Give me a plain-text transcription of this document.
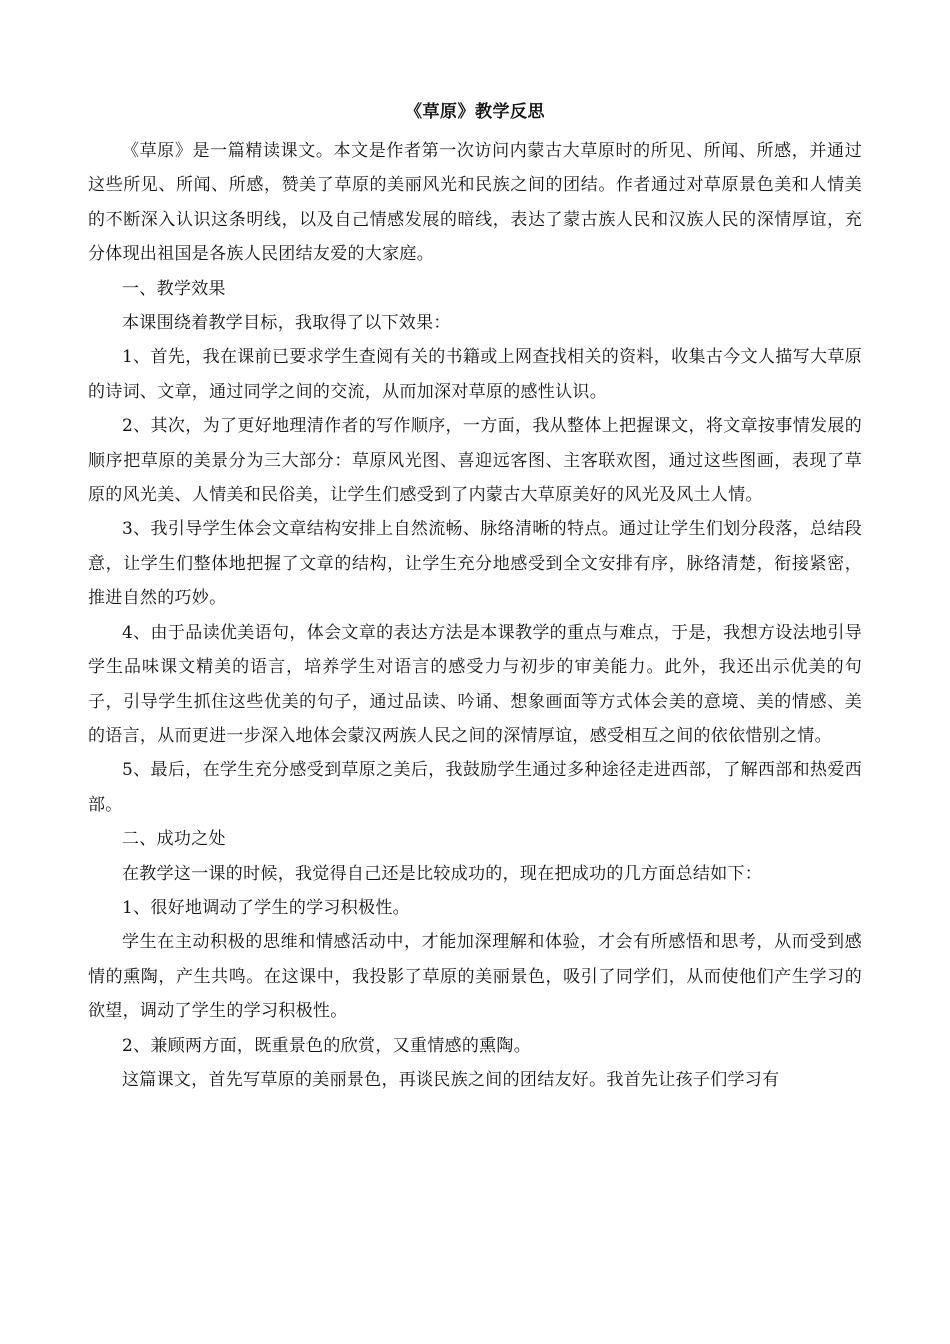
《草原》教学反思

《草原》是一篇精读课文。本文是作者第一次访问内蒙古大草原时的所见、所闻、所感，并通过这些所见、所闻、所感，赞美了草原的美丽风光和民族之间的团结。作者通过对草原景色美和人情美的不断深入认识这条明线，以及自己情感发展的暗线，表达了蒙古族人民和汉族人民的深情厚谊，充分体现出祖国是各族人民团结友爱的大家庭。

一、教学效果

本课围绕着教学目标，我取得了以下效果：

1、首先，我在课前已要求学生查阅有关的书籍或上网查找相关的资料，收集古今文人描写大草原的诗词、文章，通过同学之间的交流，从而加深对草原的感性认识。

2、其次，为了更好地理清作者的写作顺序，一方面，我从整体上把握课文，将文章按事情发展的顺序把草原的美景分为三大部分：草原风光图、喜迎远客图、主客联欢图，通过这些图画，表现了草原的风光美、人情美和民俗美，让学生们感受到了内蒙古大草原美好的风光及风土人情。

3、我引导学生体会文章结构安排上自然流畅、脉络清晰的特点。通过让学生们划分段落，总结段意，让学生们整体地把握了文章的结构，让学生充分地感受到全文安排有序，脉络清楚，衔接紧密，推进自然的巧妙。

4、由于品读优美语句，体会文章的表达方法是本课教学的重点与难点，于是，我想方设法地引导学生品味课文精美的语言，培养学生对语言的感受力与初步的审美能力。此外，我还出示优美的句子，引导学生抓住这些优美的句子，通过品读、吟诵、想象画面等方式体会美的意境、美的情感、美的语言，从而更进一步深入地体会蒙汉两族人民之间的深情厚谊，感受相互之间的依依惜别之情。

5、最后，在学生充分感受到草原之美后，我鼓励学生通过多种途径走进西部，了解西部和热爱西部。

二、成功之处

在教学这一课的时候，我觉得自己还是比较成功的，现在把成功的几方面总结如下：

1、很好地调动了学生的学习积极性。

学生在主动积极的思维和情感活动中，才能加深理解和体验，才会有所感悟和思考，从而受到感情的熏陶，产生共鸣。在这课中，我投影了草原的美丽景色，吸引了同学们，从而使他们产生学习的欲望，调动了学生的学习积极性。

2、兼顾两方面，既重景色的欣赏，又重情感的熏陶。

这篇课文，首先写草原的美丽景色，再谈民族之间的团结友好。我首先让孩子们学习有
